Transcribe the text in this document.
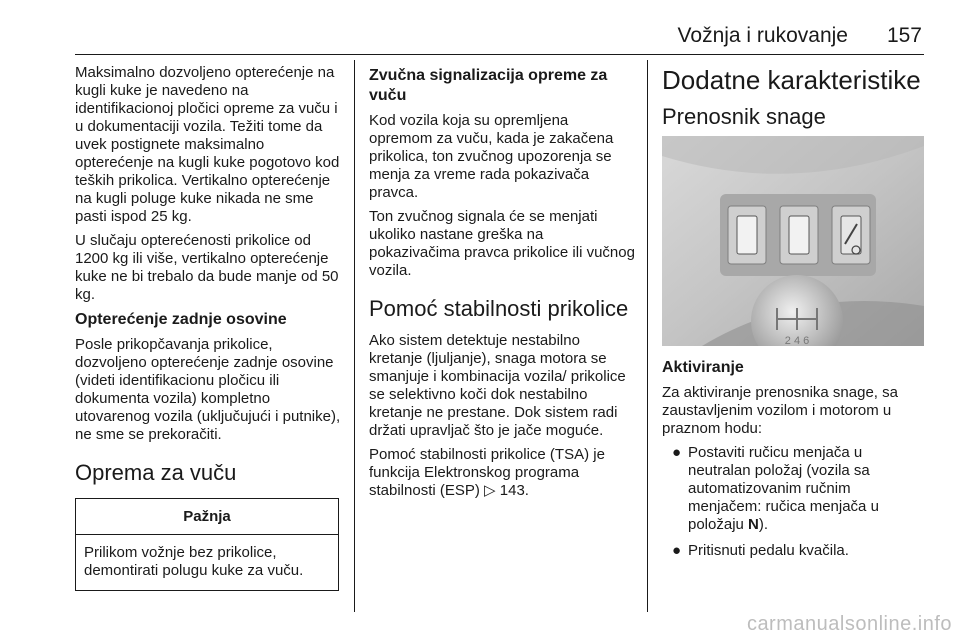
Vožnja i rukovanje 157

Maksimalno dozvoljeno opterećenje na kugli kuke je navedeno na identifikacionoj pločici opreme za vuču i u dokumentaciji vozila. Težiti tome da uvek postignete maksimalno opterećenje na kugli kuke pogotovo kod teških prikolica. Vertikalno opterećenje na kugli poluge kuke nikada ne sme pasti ispod 25 kg.

U slučaju opterećenosti prikolice od 1200 kg ili više, vertikalno opterećenje kuke ne bi trebalo da bude manje od 50 kg.

Opterećenje zadnje osovine

Posle prikopčavanja prikolice, dozvoljeno opterećenje zadnje osovine (videti identifikacionu pločicu ili dokumenta vozila) kompletno utovarenog vozila (uključujući i putnike), ne sme se prekoračiti.

Oprema za vuču
Pažnja
Prilikom vožnje bez prikolice, demontirati polugu kuke za vuču.
Zvučna signalizacija opreme za vuču

Kod vozila koja su opremljena opremom za vuču, kada je zakačena prikolica, ton zvučnog upozorenja se menja za vreme rada pokazivača pravca.

Ton zvučnog signala će se menjati ukoliko nastane greška na pokazivačima pravca prikolice ili vučnog vozila.

Pomoć stabilnosti prikolice

Ako sistem detektuje nestabilno kretanje (ljuljanje), snaga motora se smanjuje i kombinacija vozila/ prikolice se selektivno koči dok nestabilno kretanje ne prestane. Dok sistem radi držati upravljač što je jače moguće.

Pomoć stabilnosti prikolice (TSA) je funkcija Elektronskog programa stabilnosti (ESP) ▷ 143.

Dodatne karakteristike
Prenosnik snage
2 4 6
Aktiviranje

Za aktiviranje prenosnika snage, sa zaustavljenim vozilom i motorom u praznom hodu:

● Postaviti ručicu menjača u neutralan položaj (vozila sa automatizovanim ručnim menjačem: ručica menjača u položaju N).
● Pritisnuti pedalu kvačila.
carmanualsonline.info
